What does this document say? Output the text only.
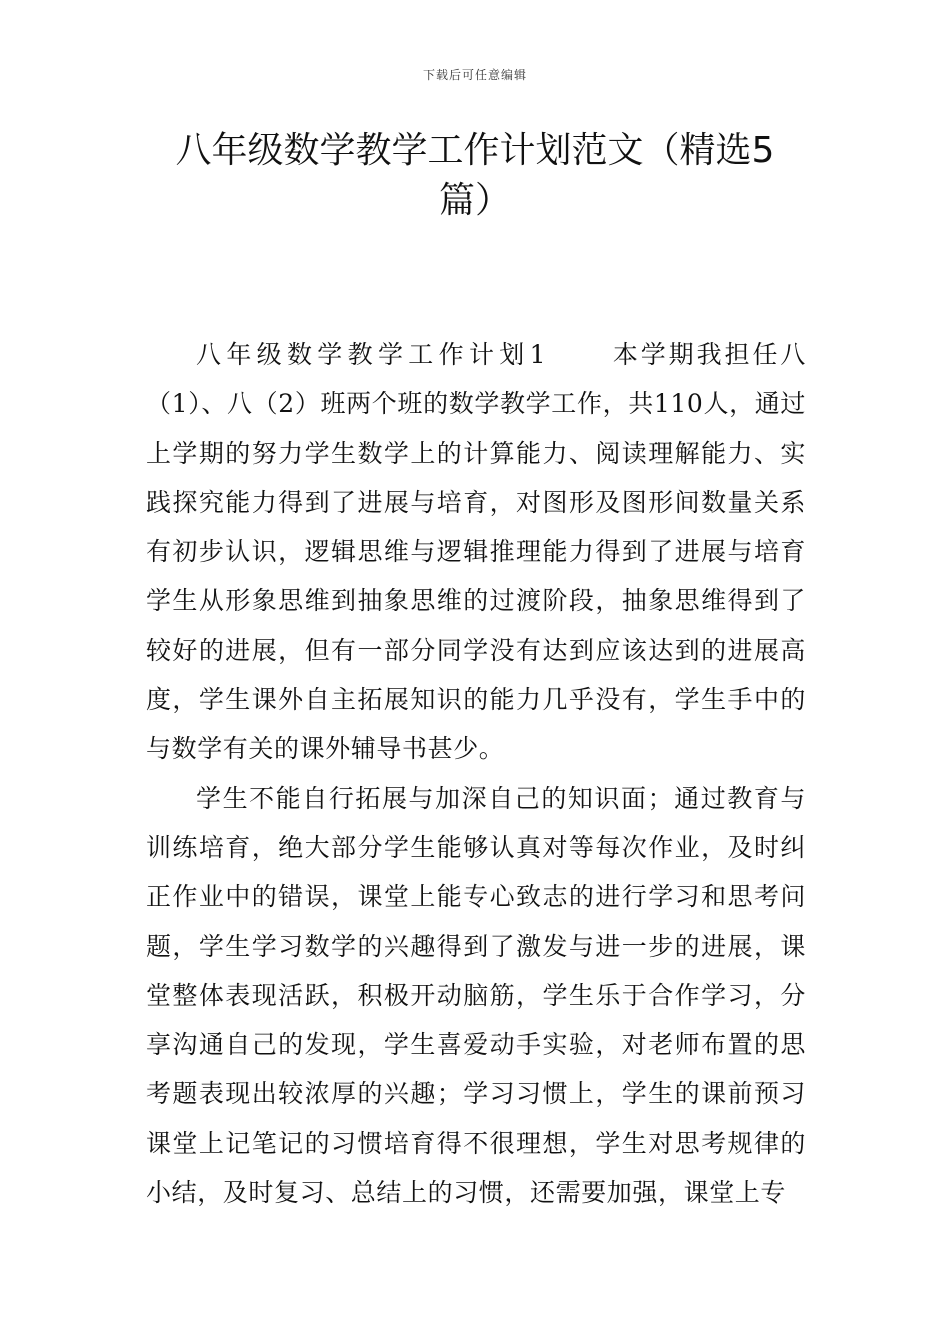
下载后可任意编辑
八年级数学教学工作计划范文（精选5篇）

八年级数学教学工作计划1 本学期我担任八（1）、八（2）班两个班的数学教学工作，共110人，通过上学期的努力学生数学上的计算能力、阅读理解能力、实践探究能力得到了进展与培育，对图形及图形间数量关系有初步认识，逻辑思维与逻辑推理能力得到了进展与培育学生从形象思维到抽象思维的过渡阶段，抽象思维得到了较好的进展，但有一部分同学没有达到应该达到的进展高度，学生课外自主拓展知识的能力几乎没有，学生手中的与数学有关的课外辅导书甚少。

学生不能自行拓展与加深自己的知识面；通过教育与训练培育，绝大部分学生能够认真对等每次作业，及时纠正作业中的错误，课堂上能专心致志的进行学习和思考问题，学生学习数学的兴趣得到了激发与进一步的进展，课堂整体表现活跃，积极开动脑筋，学生乐于合作学习，分享沟通自己的发现，学生喜爱动手实验，对老师布置的思考题表现出较浓厚的兴趣；学习习惯上，学生的课前预习课堂上记笔记的习惯培育得不很理想，学生对思考规律的小结，及时复习、总结上的习惯，还需要加强，课堂上专
